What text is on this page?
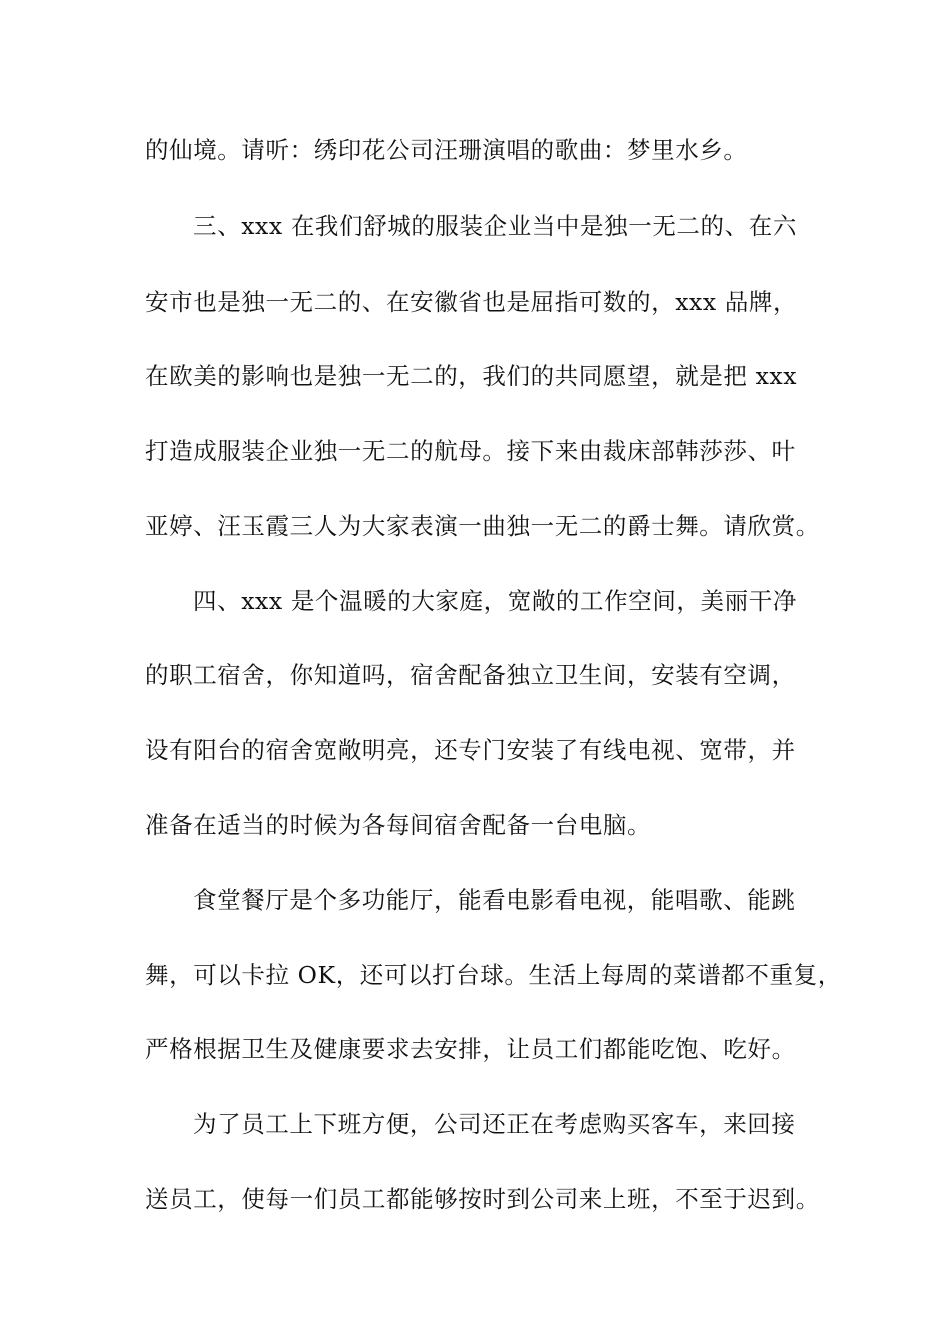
的仙境。请听：绣印花公司汪珊演唱的歌曲：梦里水乡。
三、xxx 在我们舒城的服装企业当中是独一无二的、在六
安市也是独一无二的、在安徽省也是屈指可数的，xxx 品牌，
在欧美的影响也是独一无二的，我们的共同愿望，就是把 xxx
打造成服装企业独一无二的航母。接下来由裁床部韩莎莎、叶
亚婷、汪玉霞三人为大家表演一曲独一无二的爵士舞。请欣赏。
四、xxx 是个温暖的大家庭，宽敞的工作空间，美丽干净
的职工宿舍，你知道吗，宿舍配备独立卫生间，安装有空调，
设有阳台的宿舍宽敞明亮，还专门安装了有线电视、宽带，并
准备在适当的时候为各每间宿舍配备一台电脑。
食堂餐厅是个多功能厅，能看电影看电视，能唱歌、能跳
舞，可以卡拉 OK，还可以打台球。生活上每周的菜谱都不重复，
严格根据卫生及健康要求去安排，让员工们都能吃饱、吃好。
为了员工上下班方便，公司还正在考虑购买客车，来回接
送员工，使每一们员工都能够按时到公司来上班，不至于迟到。
